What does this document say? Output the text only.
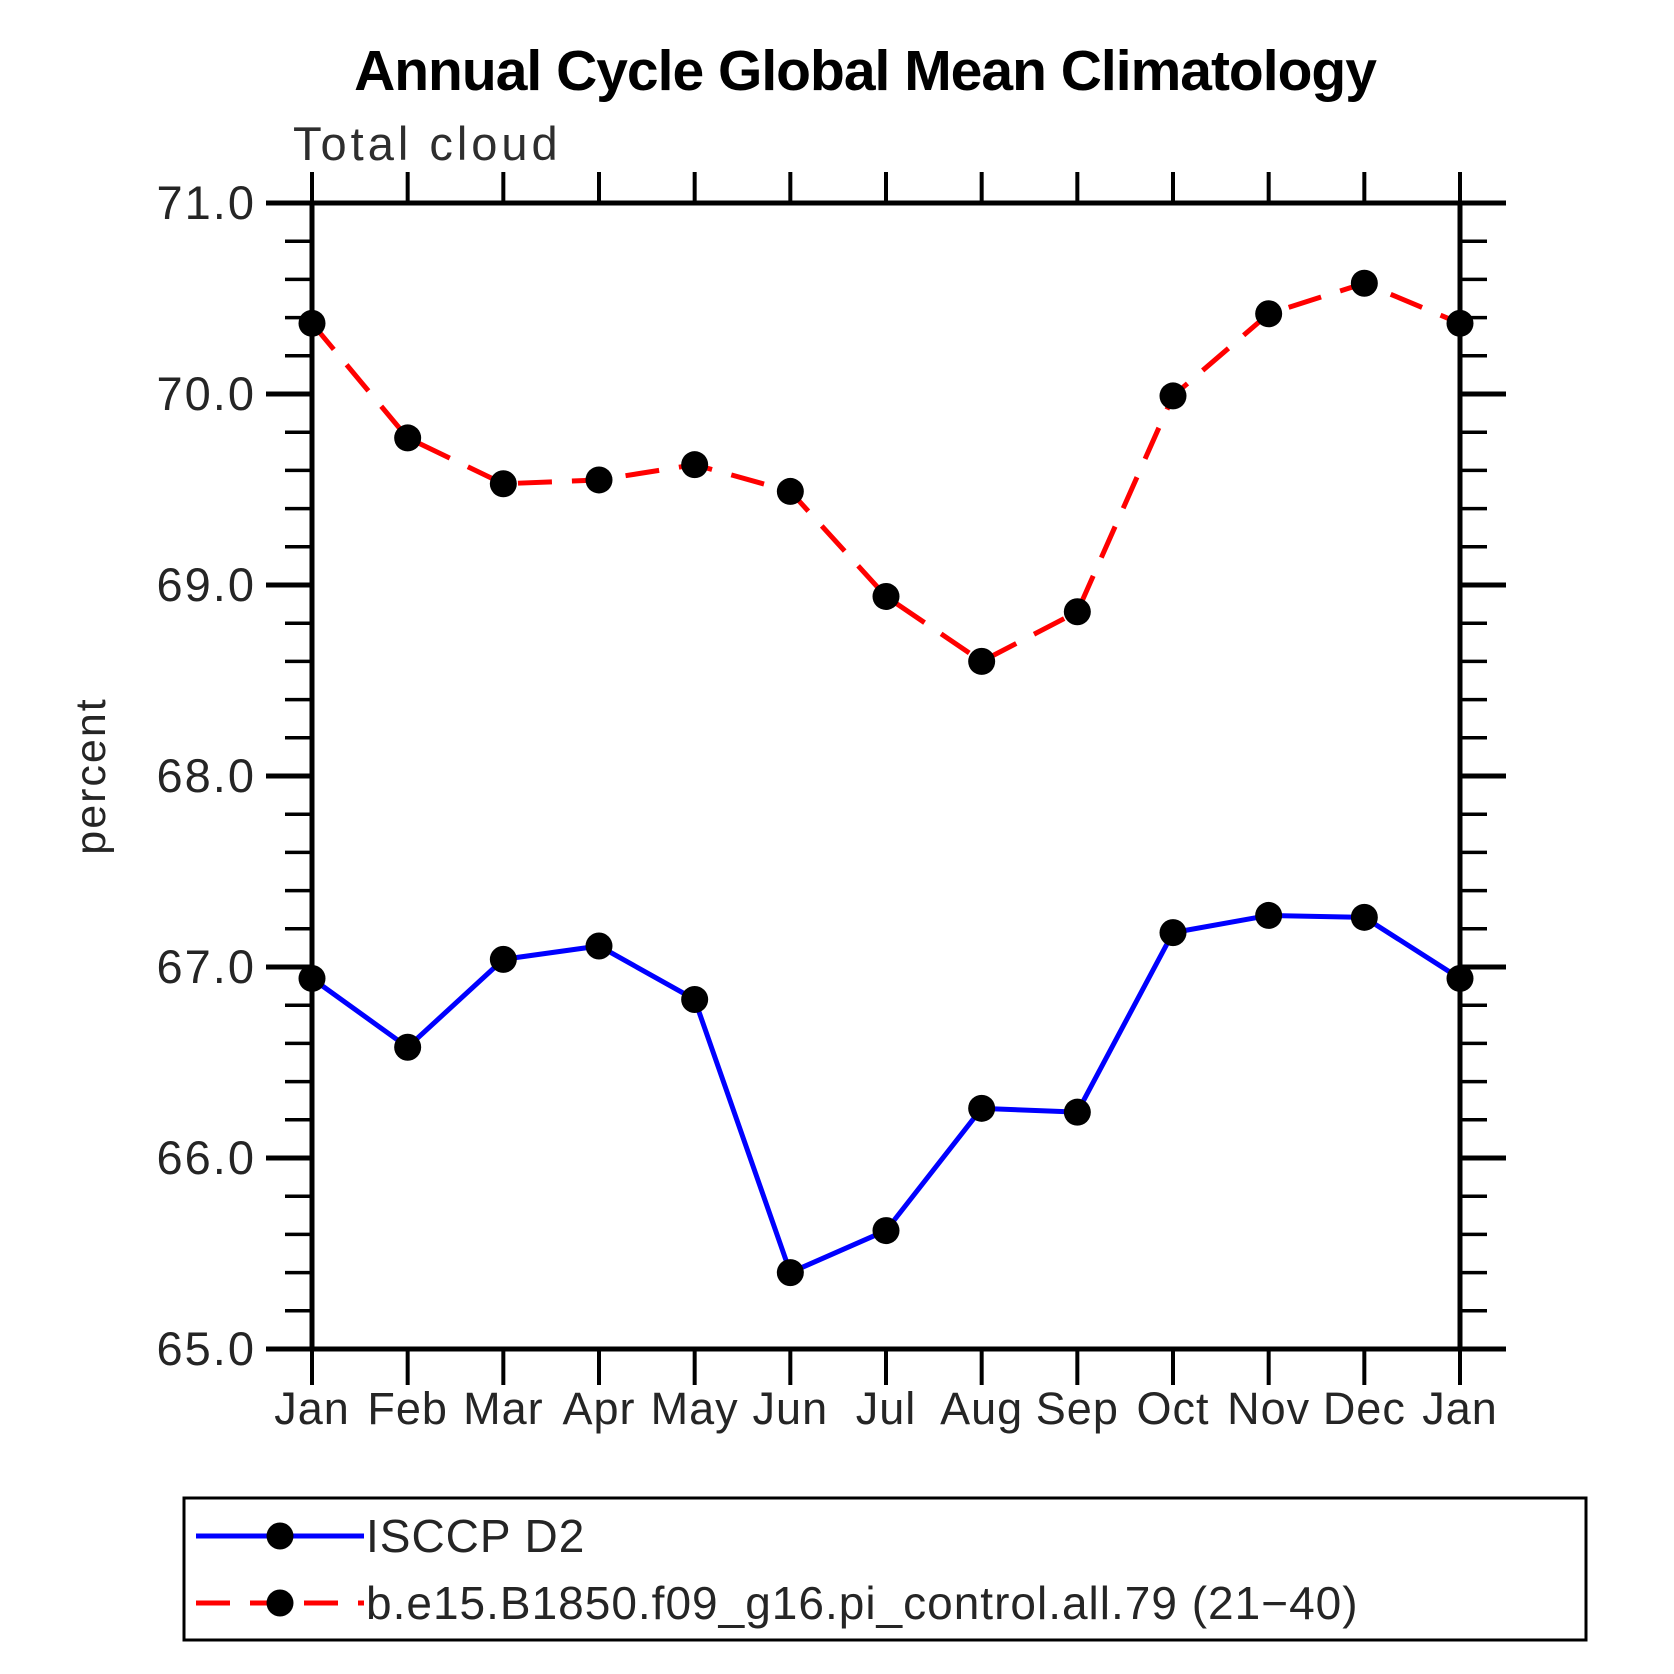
Annual Cycle Global Mean Climatology
Total cloud
percent
71.0
70.0
69.0
68.0
67.0
66.0
65.0
Jan Feb Mar Apr May Jun Jul Aug Sep Oct Nov Dec Jan
ISCCP D2
b.e15.B1850.f09_g16.pi_control.all.79 (21−40)
